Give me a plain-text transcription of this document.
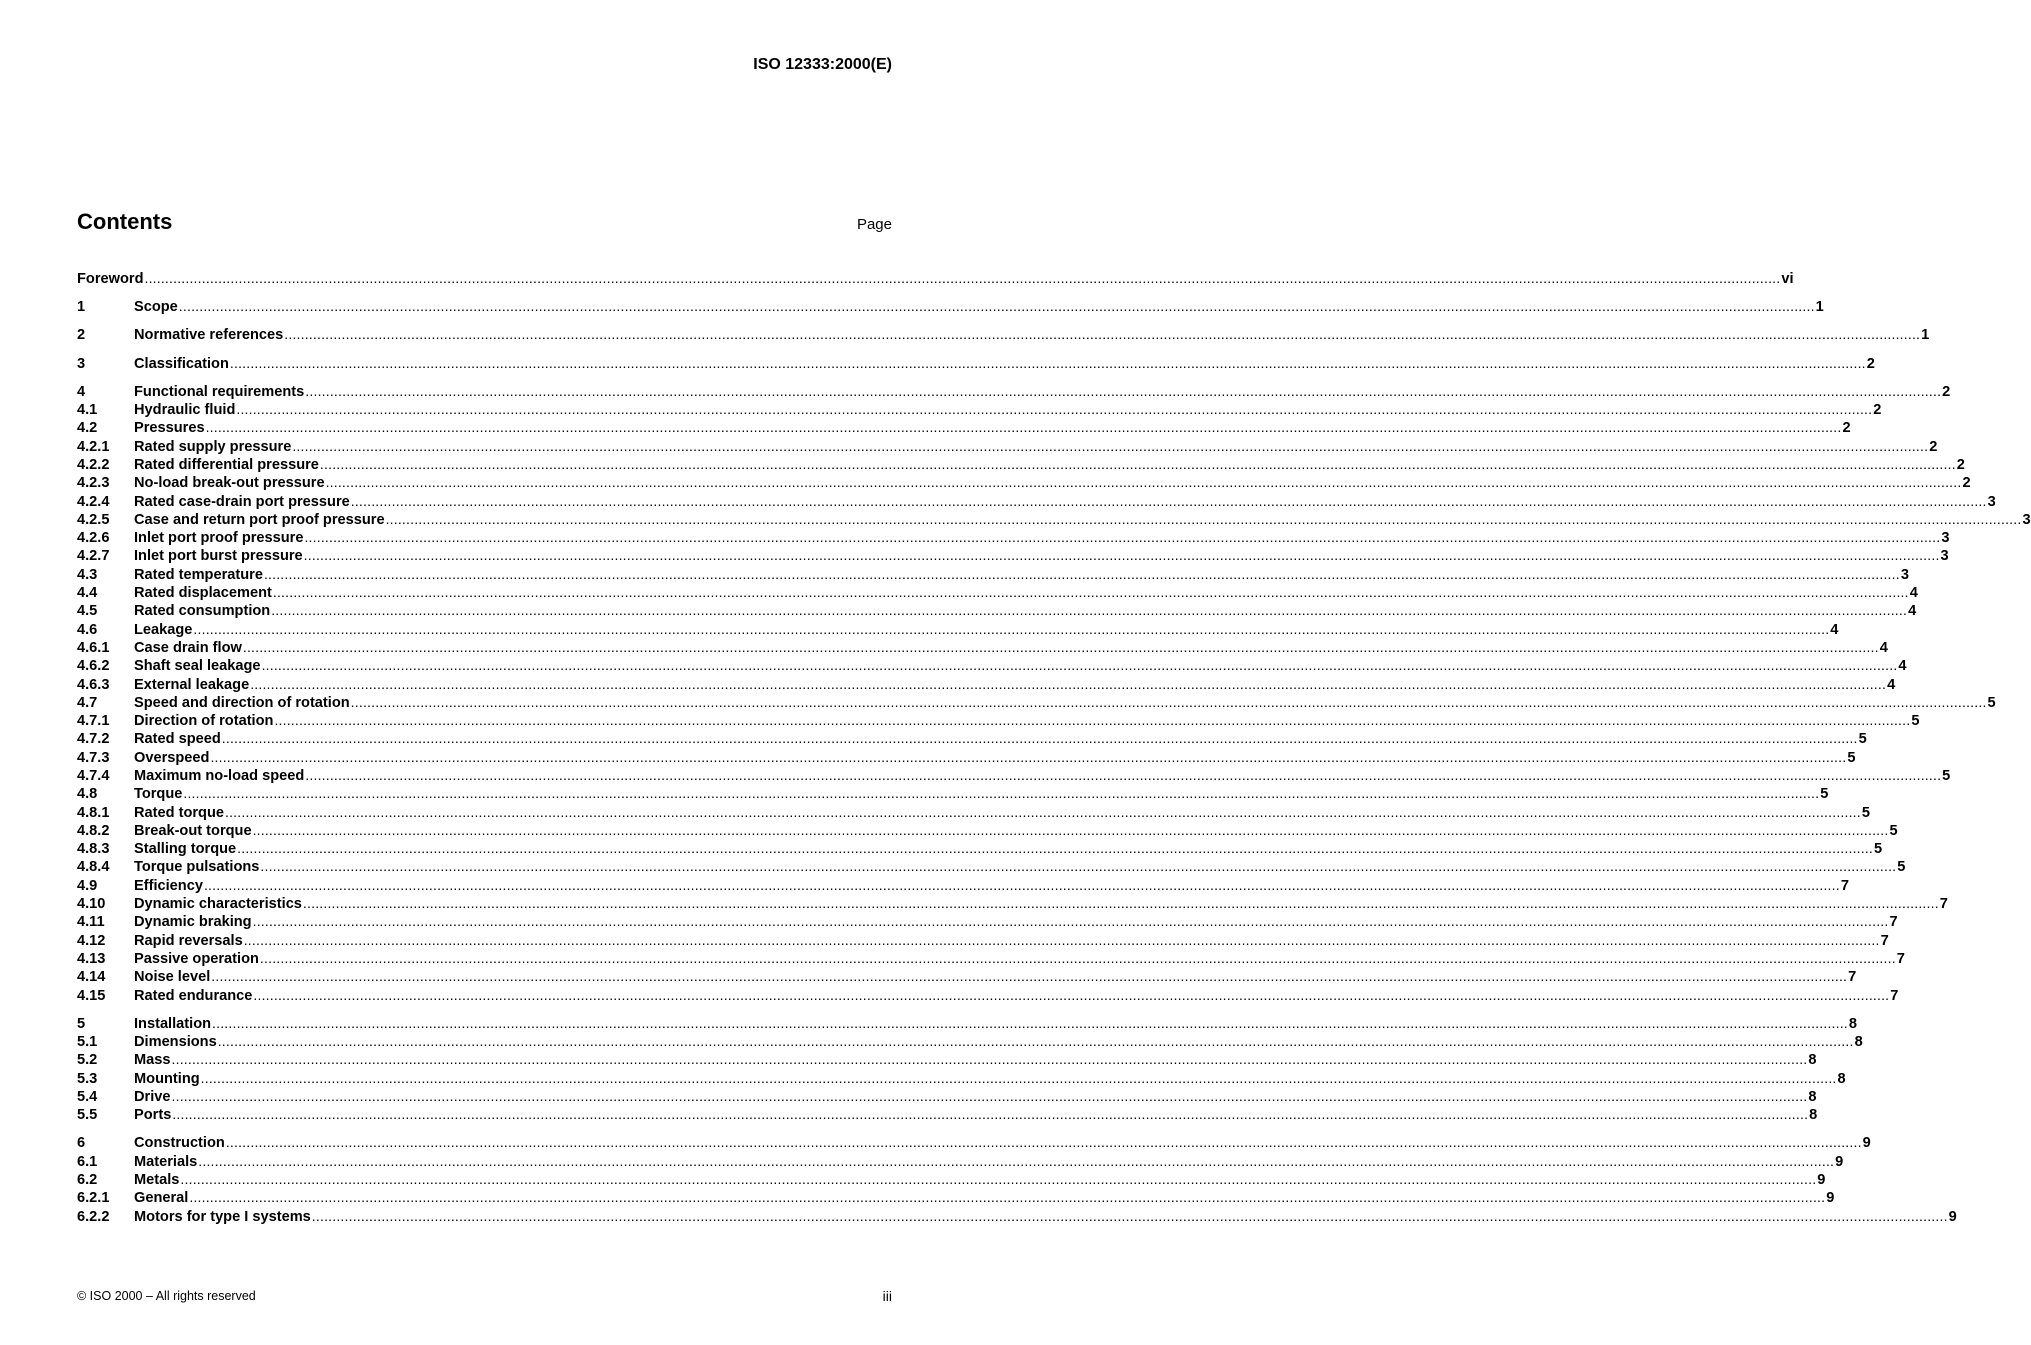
ISO 12333:2000(E)
Contents	Page
Foreword ................................................................................................................................................................................................................................................................................................................................................................................................................ vi
1	Scope ................................................................................................................................................................................................................................................................................................................................................................................................................ 1
2	Normative references ................................................................................................................................................................................................................................................................................................................................................................................................................ 1
3	Classification ................................................................................................................................................................................................................................................................................................................................................................................................................ 2
4	Functional requirements ................................................................................................................................................................................................................................................................................................................................................................................................................ 2
4.1	Hydraulic fluid ................................................................................................................................................................................................................................................................................................................................................................................................................ 2
4.2	Pressures ................................................................................................................................................................................................................................................................................................................................................................................................................ 2
4.2.1	Rated supply pressure ................................................................................................................................................................................................................................................................................................................................................................................................................ 2
4.2.2	Rated differential pressure ................................................................................................................................................................................................................................................................................................................................................................................................................ 2
4.2.3	No-load break-out pressure ................................................................................................................................................................................................................................................................................................................................................................................................................ 2
4.2.4	Rated case-drain port pressure ................................................................................................................................................................................................................................................................................................................................................................................................................ 3
4.2.5	Case and return port proof pressure ................................................................................................................................................................................................................................................................................................................................................................................................................ 3
4.2.6	Inlet port proof pressure ................................................................................................................................................................................................................................................................................................................................................................................................................ 3
4.2.7	Inlet port burst pressure ................................................................................................................................................................................................................................................................................................................................................................................................................ 3
4.3	Rated temperature ................................................................................................................................................................................................................................................................................................................................................................................................................ 3
4.4	Rated displacement ................................................................................................................................................................................................................................................................................................................................................................................................................ 4
4.5	Rated consumption ................................................................................................................................................................................................................................................................................................................................................................................................................ 4
4.6	Leakage ................................................................................................................................................................................................................................................................................................................................................................................................................ 4
4.6.1	Case drain flow ................................................................................................................................................................................................................................................................................................................................................................................................................ 4
4.6.2	Shaft seal leakage ................................................................................................................................................................................................................................................................................................................................................................................................................ 4
4.6.3	External leakage ................................................................................................................................................................................................................................................................................................................................................................................................................ 4
4.7	Speed and direction of rotation ................................................................................................................................................................................................................................................................................................................................................................................................................ 5
4.7.1	Direction of rotation ................................................................................................................................................................................................................................................................................................................................................................................................................ 5
4.7.2	Rated speed ................................................................................................................................................................................................................................................................................................................................................................................................................ 5
4.7.3	Overspeed ................................................................................................................................................................................................................................................................................................................................................................................................................ 5
4.7.4	Maximum no-load speed ................................................................................................................................................................................................................................................................................................................................................................................................................ 5
4.8	Torque ................................................................................................................................................................................................................................................................................................................................................................................................................ 5
4.8.1	Rated torque ................................................................................................................................................................................................................................................................................................................................................................................................................ 5
4.8.2	Break-out torque ................................................................................................................................................................................................................................................................................................................................................................................................................ 5
4.8.3	Stalling torque ................................................................................................................................................................................................................................................................................................................................................................................................................ 5
4.8.4	Torque pulsations ................................................................................................................................................................................................................................................................................................................................................................................................................ 5
4.9	Efficiency ................................................................................................................................................................................................................................................................................................................................................................................................................ 7
4.10	Dynamic characteristics ................................................................................................................................................................................................................................................................................................................................................................................................................ 7
4.11	Dynamic braking ................................................................................................................................................................................................................................................................................................................................................................................................................ 7
4.12	Rapid reversals ................................................................................................................................................................................................................................................................................................................................................................................................................ 7
4.13	Passive operation ................................................................................................................................................................................................................................................................................................................................................................................................................ 7
4.14	Noise level ................................................................................................................................................................................................................................................................................................................................................................................................................ 7
4.15	Rated endurance ................................................................................................................................................................................................................................................................................................................................................................................................................ 7
5	Installation ................................................................................................................................................................................................................................................................................................................................................................................................................ 8
5.1	Dimensions ................................................................................................................................................................................................................................................................................................................................................................................................................ 8
5.2	Mass ................................................................................................................................................................................................................................................................................................................................................................................................................ 8
5.3	Mounting ................................................................................................................................................................................................................................................................................................................................................................................................................ 8
5.4	Drive ................................................................................................................................................................................................................................................................................................................................................................................................................ 8
5.5	Ports ................................................................................................................................................................................................................................................................................................................................................................................................................ 8
6	Construction ................................................................................................................................................................................................................................................................................................................................................................................................................ 9
6.1	Materials ................................................................................................................................................................................................................................................................................................................................................................................................................ 9
6.2	Metals ................................................................................................................................................................................................................................................................................................................................................................................................................ 9
6.2.1	General ................................................................................................................................................................................................................................................................................................................................................................................................................ 9
6.2.2	Motors for type I systems ................................................................................................................................................................................................................................................................................................................................................................................................................ 9
© ISO 2000 – All rights reserved	iii
